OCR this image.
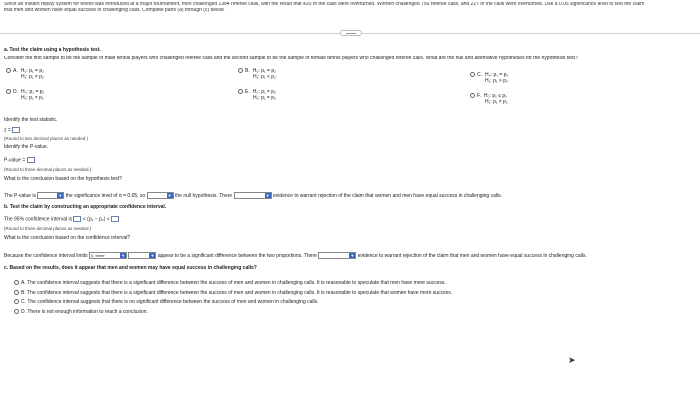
Since an instant replay system for tennis was introduced at a major tournament, men challenged 1384 referee calls, with the result that 420 of the calls were overturned. Women challenged 750 referee calls, and 227 of the calls were overturned. Use a 0.05 significance level to test the claim
that men and women have equal success in challenging calls. Complete parts (a) through (c) below.
a. Test the claim using a hypothesis test.
Consider the first sample to be the sample of male tennis players who challenged referee calls and the second sample to be the sample of female tennis players who challenged referee calls. What are the null and alternative hypotheses for the hypothesis test?
A. H₀: p₁ = p₂
H₁: p₁ ≠ p₂
B. H₀: p₁ = p₂
H₁: p₁ < p₂	C. H₀: p₁ = p₂
H₁: p₁ > p₂
D. H₀: p₁ = p₂
H₁: p₁ ≠ p₂
E. H₀: p₁ ≠ p₂
H₁: p₁ = p₂	F. H₀: p₁ ≤ p₂
H₁: p₁ ≠ p₂
Identify the test statistic.
z =
(Round to two decimal places as needed.)
Identify the P-value.
P-value =
(Round to three decimal places as needed.)
What is the conclusion based on the hypothesis test?
The P-value is	▼ the significance level of α = 0.05, so	▼ the null hypothesis. There	▼ evidence to warrant rejection of the claim that women and men have equal success in challenging calls.
b. Test the claim by constructing an appropriate confidence interval.
The 95% confidence interval is < (p₁ − p₂) <
(Round to three decimal places as needed.)
What is the conclusion based on the confidence interval?
Because the confidence interval limits	▼
0, there	▼ appear to be a significant difference between the two proportions. There	▼ evidence to warrant rejection of the claim that men and women have equal success in challenging calls.
c. Based on the results, does it appear that men and women may have equal success in challenging calls?
A. The confidence interval suggests that there is a significant difference between the success of men and women in challenging calls. It is reasonable to speculate that men have more success.
B. The confidence interval suggests that there is a significant difference between the success of men and women in challenging calls. It is reasonable to speculate that women have more success.
C. The confidence interval suggests that there is no significant difference between the success of men and women in challenging calls.
D. There is not enough information to reach a conclusion.
➤
